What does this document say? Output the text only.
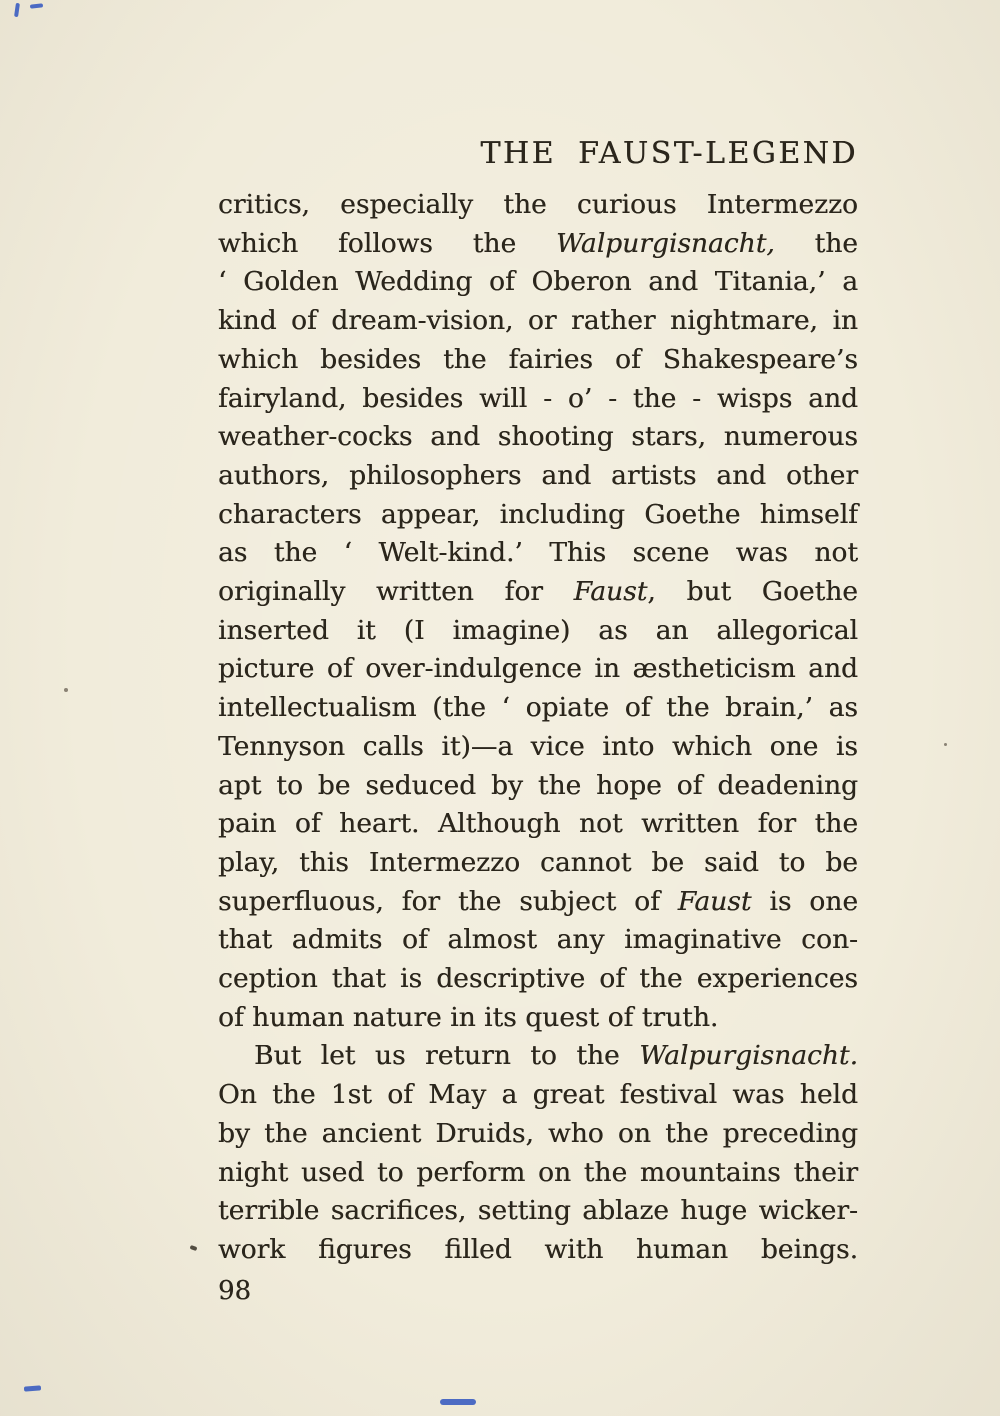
THE FAUST-LEGEND
critics, especially the curious Intermezzo
which follows the Walpurgisnacht, the
‘ Golden Wedding of Oberon and Titania,’ a
kind of dream-vision, or rather nightmare, in
which besides the fairies of Shakespeare’s
fairyland, besides will - o’ - the - wisps and
weather-cocks and shooting stars, numerous
authors, philosophers and artists and other
characters appear, including Goethe himself
as the ‘ Welt-kind.’ This scene was not
originally written for Faust, but Goethe
inserted it (I imagine) as an allegorical
picture of over-indulgence in æstheticism and
intellectualism (the ‘ opiate of the brain,’ as
Tennyson calls it)—a vice into which one is
apt to be seduced by the hope of deadening
pain of heart. Although not written for the
play, this Intermezzo cannot be said to be
superfluous, for the subject of Faust is one
that admits of almost any imaginative con-
ception that is descriptive of the experiences
of human nature in its quest of truth.
But let us return to the Walpurgisnacht.
On the 1st of May a great festival was held
by the ancient Druids, who on the preceding
night used to perform on the mountains their
terrible sacrifices, setting ablaze huge wicker-
work figures filled with human beings.
98
